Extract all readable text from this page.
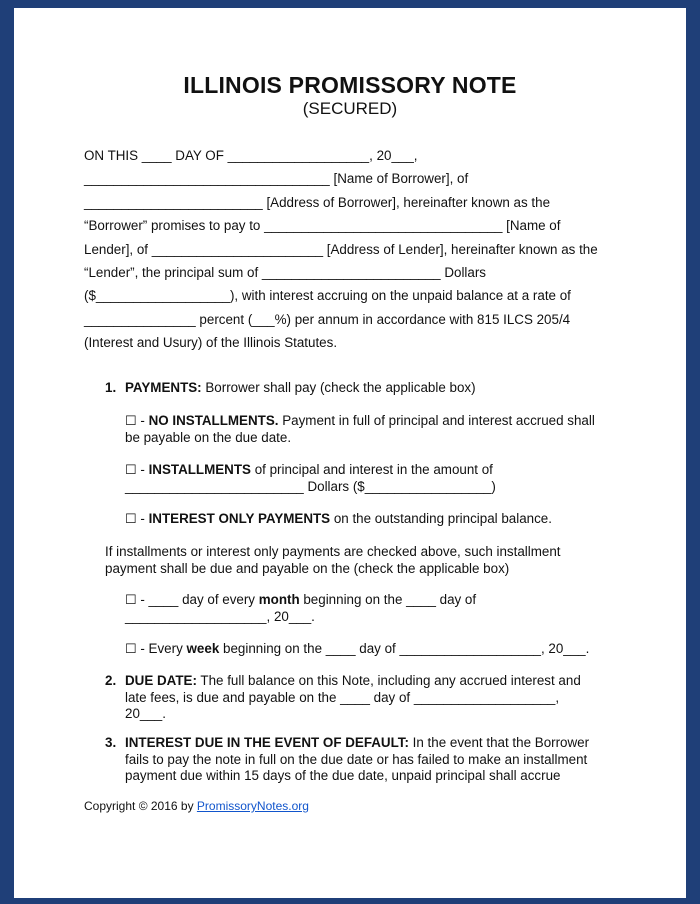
ILLINOIS PROMISSORY NOTE
(SECURED)
ON THIS ____ DAY OF ___________________, 20___,
_________________________________ [Name of Borrower], of
________________________ [Address of Borrower], hereinafter known as the
“Borrower” promises to pay to ________________________________ [Name of
Lender], of _______________________ [Address of Lender], hereinafter known as the
“Lender”, the principal sum of ________________________ Dollars
($__________________), with interest accruing on the unpaid balance at a rate of
_______________ percent (___%) per annum in accordance with 815 ILCS 205/4
(Interest and Usury) of the Illinois Statutes.
1. PAYMENTS: Borrower shall pay (check the applicable box)
☐ - NO INSTALLMENTS. Payment in full of principal and interest accrued shall
be payable on the due date.
☐ - INSTALLMENTS of principal and interest in the amount of
________________________ Dollars ($_________________)
☐ - INTEREST ONLY PAYMENTS on the outstanding principal balance.
If installments or interest only payments are checked above, such installment
payment shall be due and payable on the (check the applicable box)
☐ - ____ day of every month beginning on the ____ day of
___________________, 20___.
☐ - Every week beginning on the ____ day of ___________________, 20___.
2. DUE DATE: The full balance on this Note, including any accrued interest and
late fees, is due and payable on the ____ day of ___________________,
20___.
3. INTEREST DUE IN THE EVENT OF DEFAULT: In the event that the Borrower
fails to pay the note in full on the due date or has failed to make an installment
payment due within 15 days of the due date, unpaid principal shall accrue
Copyright © 2016 by PromissoryNotes.org
